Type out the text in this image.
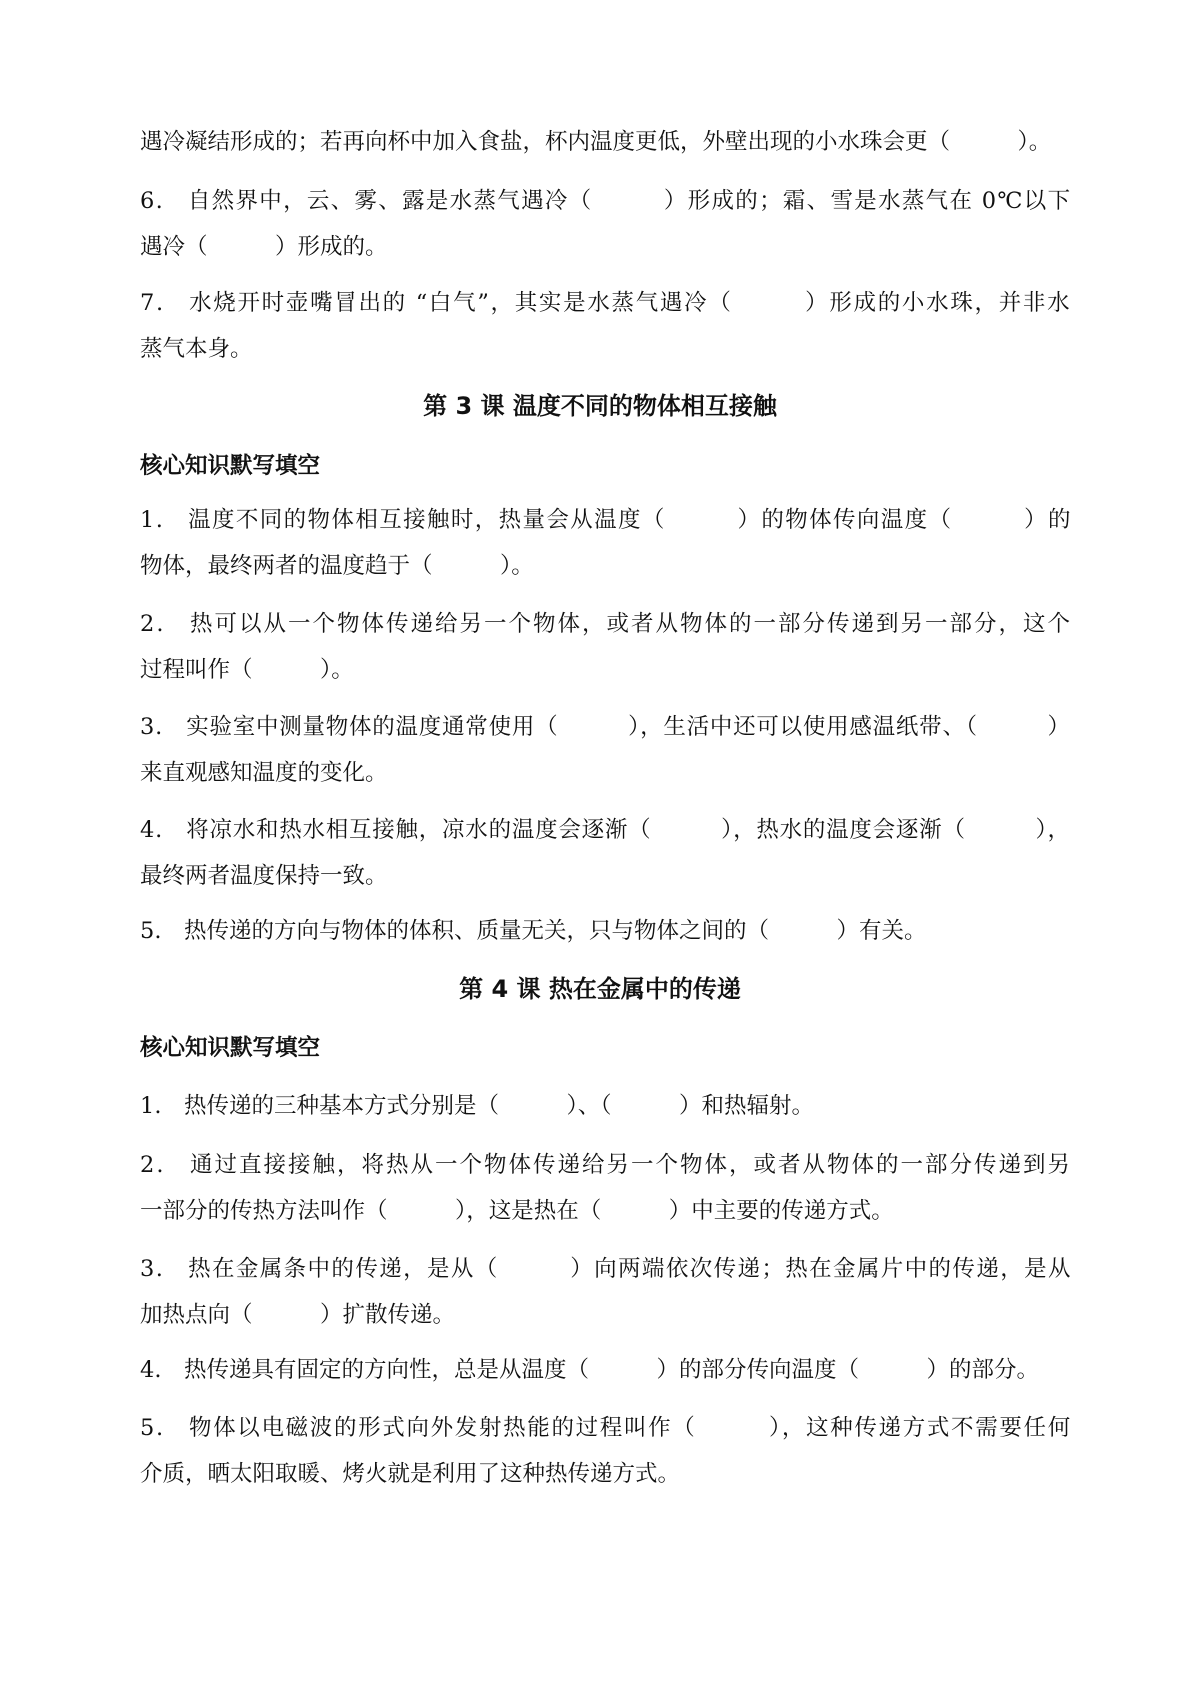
遇冷凝结形成的；若再向杯中加入食盐，杯内温度更低，外壁出现的小水珠会更（　　　）。
6.　自然界中，云、雾、露是水蒸气遇冷（　　　）形成的；霜、雪是水蒸气在 0℃以下
遇冷（　　　）形成的。
7.　水烧开时壶嘴冒出的 “白气”，其实是水蒸气遇冷（　　　）形成的小水珠，并非水
蒸气本身。
第 3 课 温度不同的物体相互接触
核心知识默写填空
1.　温度不同的物体相互接触时，热量会从温度（　　　）的物体传向温度（　　　）的
物体，最终两者的温度趋于（　　　）。
2.　热可以从一个物体传递给另一个物体，或者从物体的一部分传递到另一部分，这个
过程叫作（　　　）。
3.　实验室中测量物体的温度通常使用（　　　），生活中还可以使用感温纸带、（　　　）
来直观感知温度的变化。
4.　将凉水和热水相互接触，凉水的温度会逐渐（　　　），热水的温度会逐渐（　　　），
最终两者温度保持一致。
5.　热传递的方向与物体的体积、质量无关，只与物体之间的（　　　）有关。
第 4 课 热在金属中的传递
核心知识默写填空
1.　热传递的三种基本方式分别是（　　　）、（　　　）和热辐射。
2.　通过直接接触，将热从一个物体传递给另一个物体，或者从物体的一部分传递到另
一部分的传热方法叫作（　　　），这是热在（　　　）中主要的传递方式。
3.　热在金属条中的传递，是从（　　　）向两端依次传递；热在金属片中的传递，是从
加热点向（　　　）扩散传递。
4.　热传递具有固定的方向性，总是从温度（　　　）的部分传向温度（　　　）的部分。
5.　物体以电磁波的形式向外发射热能的过程叫作（　　　），这种传递方式不需要任何
介质，晒太阳取暖、烤火就是利用了这种热传递方式。
